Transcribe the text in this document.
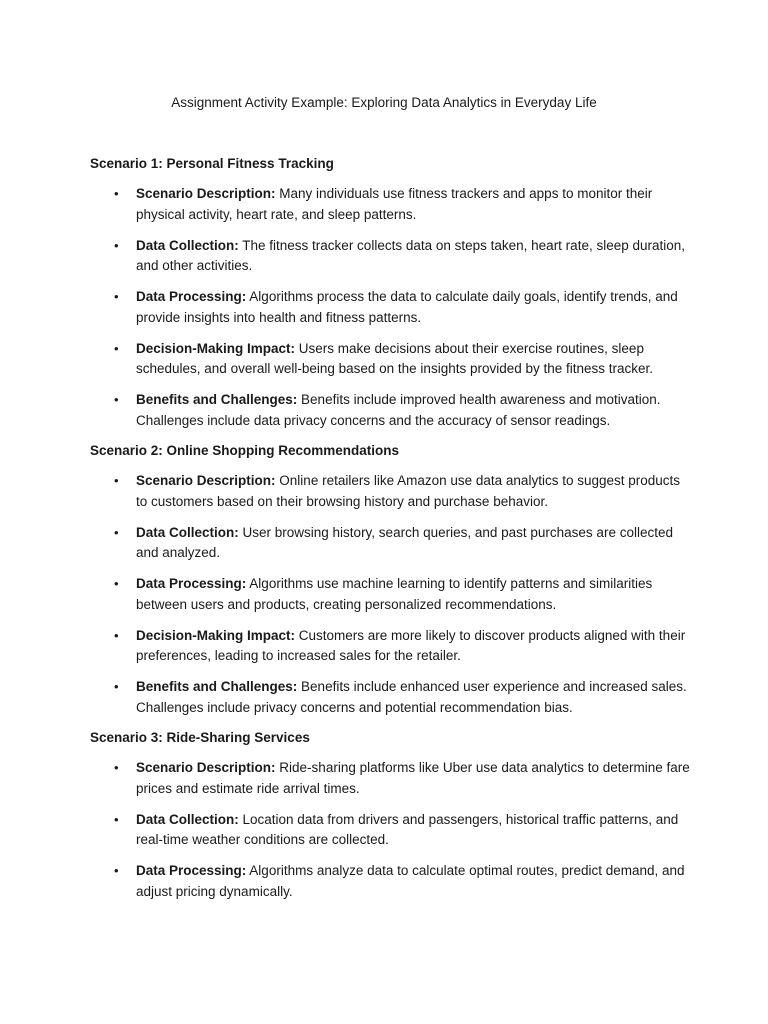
Assignment Activity Example: Exploring Data Analytics in Everyday Life
Scenario 1: Personal Fitness Tracking
• Scenario Description: Many individuals use fitness trackers and apps to monitor their physical activity, heart rate, and sleep patterns.
• Data Collection: The fitness tracker collects data on steps taken, heart rate, sleep duration, and other activities.
• Data Processing: Algorithms process the data to calculate daily goals, identify trends, and provide insights into health and fitness patterns.
• Decision-Making Impact: Users make decisions about their exercise routines, sleep schedules, and overall well-being based on the insights provided by the fitness tracker.
• Benefits and Challenges: Benefits include improved health awareness and motivation. Challenges include data privacy concerns and the accuracy of sensor readings.
Scenario 2: Online Shopping Recommendations
• Scenario Description: Online retailers like Amazon use data analytics to suggest products to customers based on their browsing history and purchase behavior.
• Data Collection: User browsing history, search queries, and past purchases are collected and analyzed.
• Data Processing: Algorithms use machine learning to identify patterns and similarities between users and products, creating personalized recommendations.
• Decision-Making Impact: Customers are more likely to discover products aligned with their preferences, leading to increased sales for the retailer.
• Benefits and Challenges: Benefits include enhanced user experience and increased sales. Challenges include privacy concerns and potential recommendation bias.
Scenario 3: Ride-Sharing Services
• Scenario Description: Ride-sharing platforms like Uber use data analytics to determine fare prices and estimate ride arrival times.
• Data Collection: Location data from drivers and passengers, historical traffic patterns, and real-time weather conditions are collected.
• Data Processing: Algorithms analyze data to calculate optimal routes, predict demand, and adjust pricing dynamically.
